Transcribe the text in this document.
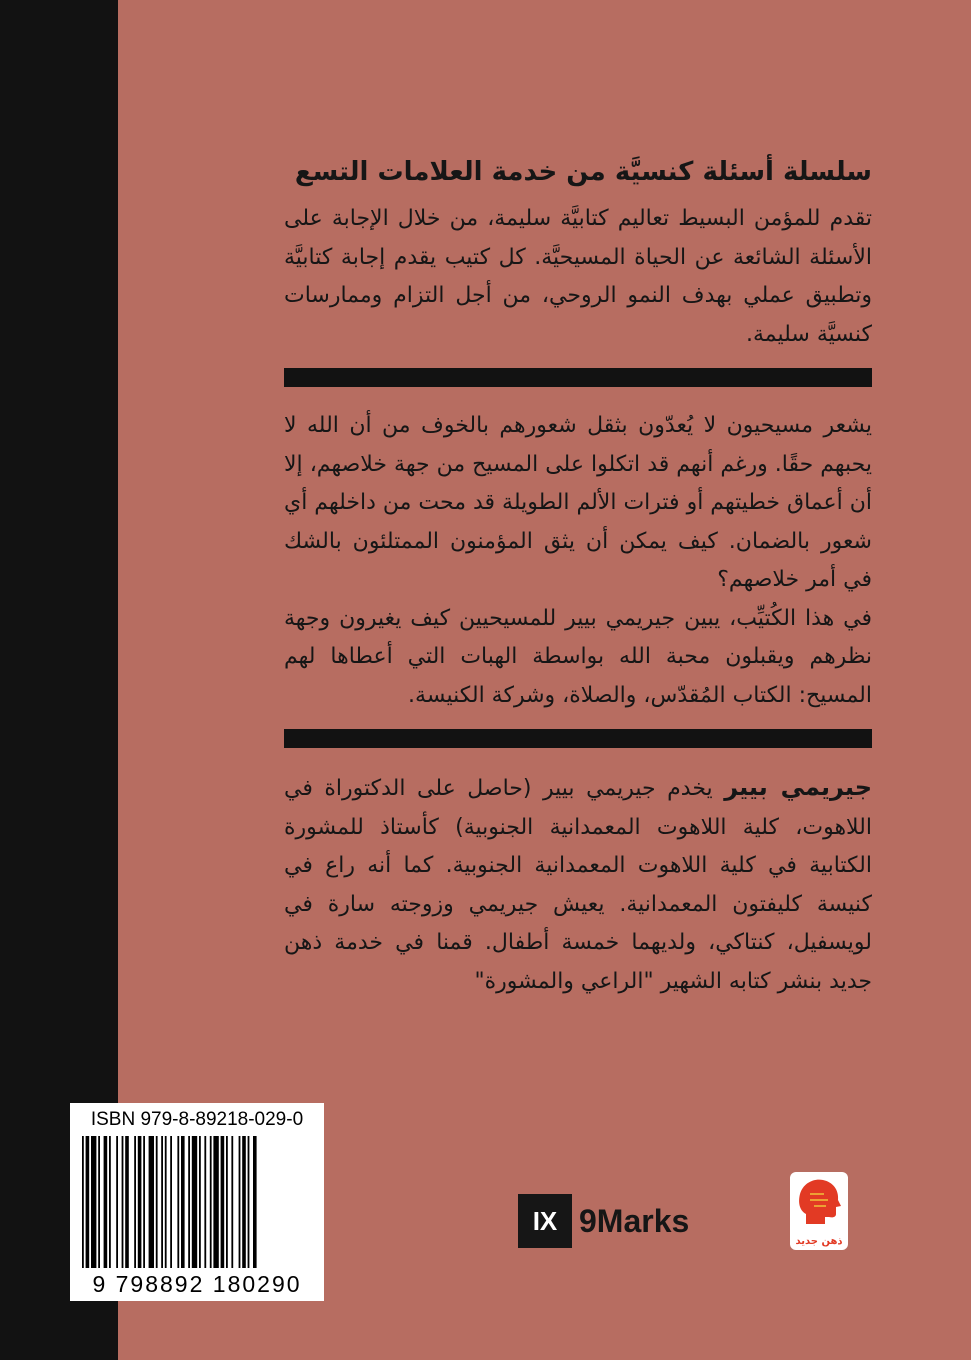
سلسلة أسئلة كنسيَّة من خدمة العلامات التسع

تقدم للمؤمن البسيط تعاليم كتابيَّة سليمة، من خلال الإجابة على الأسئلة الشائعة عن الحياة المسيحيَّة. كل كتيب يقدم إجابة كتابيَّة وتطبيق عملي بهدف النمو الروحي، من أجل التزام وممارسات كنسيَّة سليمة.

يشعر مسيحيون لا يُعدّون بثقل شعورهم بالخوف من أن الله لا يحبهم حقًا. ورغم أنهم قد اتكلوا على المسيح من جهة خلاصهم، إلا أن أعماق خطيتهم أو فترات الألم الطويلة قد محت من داخلهم أي شعور بالضمان. كيف يمكن أن يثق المؤمنون الممتلئون بالشك في أمر خلاصهم؟

في هذا الكُتيِّب، يبين جيريمي بيير للمسيحيين كيف يغيرون وجهة نظرهم ويقبلون محبة الله بواسطة الهبات التي أعطاها لهم المسيح: الكتاب المُقدّس، والصلاة، وشركة الكنيسة.

جيريمي بيير يخدم جيريمي بيير (حاصل على الدكتوراة في اللاهوت، كلية اللاهوت المعمدانية الجنوبية) كأستاذ للمشورة الكتابية في كلية اللاهوت المعمدانية الجنوبية. كما أنه راع في كنيسة كليفتون المعمدانية. يعيش جيريمي وزوجته سارة في لويسفيل، كنتاكي، ولديهما خمسة أطفال. قمنا في خدمة ذهن جديد بنشر كتابه الشهير "الراعي والمشورة"

ISBN 979-8-89218-029-0
9 798892 180290
IX 9Marks
ذهن جديد
